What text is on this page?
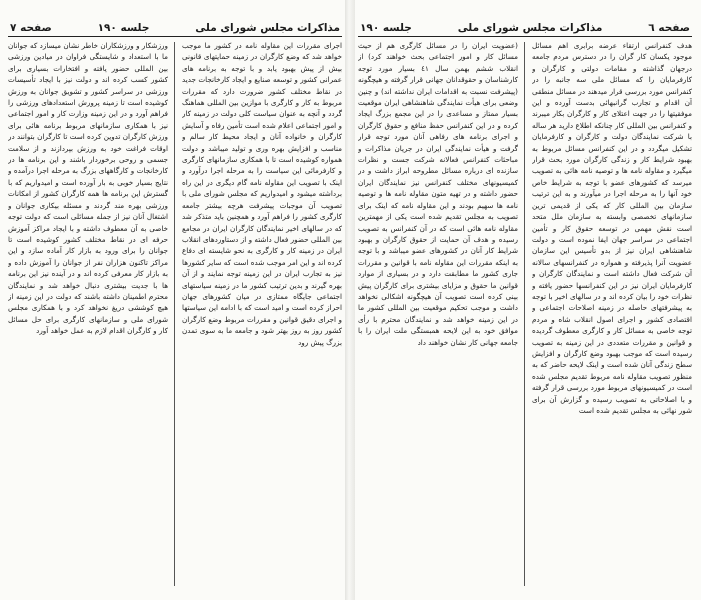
مذاکرات مجلس شورای ملی
جلسه ۱۹۰
صفحه ۷
اجرای مقررات این مقاوله نامه در کشور ما موجب خواهد شد که وضع کارگران در زمینه حمایتهای قانونی بیش از پیش بهبود یابد و با توجه به برنامه های عمرانی کشور و توسعه صنایع و ایجاد کارخانجات جدید در نقاط مختلف کشور ضرورت دارد که مقررات مربوط به کار و کارگری با موازین بین المللی هماهنگ گردد و آنچه به عنوان سیاست کلی دولت در زمینه کار و امور اجتماعی اعلام شده است تأمین رفاه و آسایش کارگران و خانواده آنان و ایجاد محیط کار سالم و مناسب و افزایش بهره وری و تولید میباشد و دولت همواره کوشیده است تا با همکاری سازمانهای کارگری و کارفرمائی این سیاست را به مرحله اجرا درآورد و اینک با تصویب این مقاوله نامه گام دیگری در این راه برداشته میشود و امیدواریم که مجلس شورای ملی با تصویب آن موجبات پیشرفت هرچه بیشتر جامعه کارگری کشور را فراهم آورد و همچنین باید متذکر شد که در سالهای اخیر نمایندگان کارگران ایران در مجامع بین المللی حضور فعال داشته و از دستاوردهای انقلاب ایران در زمینه کار و کارگری به نحو شایسته ای دفاع کرده اند و این امر موجب شده است که سایر کشورها نیز به تجارب ایران در این زمینه توجه نمایند و از آن بهره گیرند و بدین ترتیب کشور ما در زمینه سیاستهای اجتماعی جایگاه ممتازی در میان کشورهای جهان احراز کرده است و امید است که با ادامه این سیاستها و اجرای دقیق قوانین و مقررات مربوط وضع کارگران کشور روز به روز بهتر شود و جامعه ما به سوی تمدن بزرگ پیش رود
ورزشکار و ورزشکاران خاطر نشان میسازد که جوانان ما با استعداد و شایستگی فراوان در میادین ورزشی بین المللی حضور یافته و افتخارات بسیاری برای کشور کسب کرده اند و دولت نیز با ایجاد تأسیسات ورزشی در سراسر کشور و تشویق جوانان به ورزش کوشیده است تا زمینه پرورش استعدادهای ورزشی را فراهم آورد و در این زمینه وزارت کار و امور اجتماعی نیز با همکاری سازمانهای مربوط برنامه هائی برای ورزش کارگران تدوین کرده است تا کارگران بتوانند در اوقات فراغت خود به ورزش بپردازند و از سلامت جسمی و روحی برخوردار باشند و این برنامه ها در کارخانجات و کارگاههای بزرگ به مرحله اجرا درآمده و نتایج بسیار خوبی به بار آورده است و امیدواریم که با گسترش این برنامه ها همه کارگران کشور از امکانات ورزشی بهره مند گردند و مسئله بیکاری جوانان و اشتغال آنان نیز از جمله مسائلی است که دولت توجه خاصی به آن معطوف داشته و با ایجاد مراکز آموزش حرفه ای در نقاط مختلف کشور کوشیده است تا جوانان را برای ورود به بازار کار آماده سازد و این مراکز تاکنون هزاران نفر از جوانان را آموزش داده و به بازار کار معرفی کرده اند و در آینده نیز این برنامه ها با جدیت بیشتری دنبال خواهد شد و نمایندگان محترم اطمینان داشته باشند که دولت در این زمینه از هیچ کوششی دریغ نخواهد کرد و با همکاری مجلس شورای ملی و سازمانهای کارگری برای حل مسائل کار و کارگران اقدام لازم به عمل خواهد آورد
صفحه ٦
مذاکرات مجلس شورای ملی
جلسه ۱۹۰
هدف کنفرانس ارتقاء عرضه برابری اهم مسائل موجود یکسان کار گران را در دسترس مردم جامعه درجهان گذاشته و مقامات دولتی و کارگران و کارفرمایان را که مسائل ملی سه جانبه را در کنفرانس مورد بررسی قرار میدهند در مسائل منطقی آن اقدام و تجارب گرانبهائی بدست آورده و این موفقیتها را در جهت اعتلای کار و کارگران بکار میبرند و کنفرانس بین المللی کار چنانکه اطلاع دارید هر ساله با شرکت نمایندگان دولت و کارگران و کارفرمایان تشکیل میگردد و در این کنفرانس مسائل مربوط به بهبود شرایط کار و زندگی کارگران مورد بحث قرار میگیرد و مقاوله نامه ها و توصیه نامه هائی به تصویب میرسد که کشورهای عضو با توجه به شرایط خاص خود آنها را به مرحله اجرا در میآورند و به این ترتیب سازمان بین المللی کار که یکی از قدیمی ترین سازمانهای تخصصی وابسته به سازمان ملل متحد است نقش مهمی در توسعه حقوق کار و تأمین اجتماعی در سراسر جهان ایفا نموده است و دولت شاهنشاهی ایران نیز از بدو تأسیس این سازمان عضویت آنرا پذیرفته و همواره در کنفرانسهای سالانه آن شرکت فعال داشته است و نمایندگان کارگران و کارفرمایان ایران نیز در این کنفرانسها حضور یافته و نظرات خود را بیان کرده اند و در سالهای اخیر با توجه به پیشرفتهای حاصله در زمینه اصلاحات اجتماعی و اقتصادی کشور و اجرای اصول انقلاب شاه و مردم توجه خاصی به مسائل کار و کارگری معطوف گردیده و قوانین و مقررات متعددی در این زمینه به تصویب رسیده است که موجب بهبود وضع کارگران و افزایش سطح زندگی آنان شده است و اینک لایحه حاضر که به منظور تصویب مقاوله نامه مربوط تقدیم مجلس شده است در کمیسیونهای مربوط مورد بررسی قرار گرفته و با اصلاحاتی به تصویب رسیده و گزارش آن برای شور نهائی به مجلس تقدیم شده است
(عضویت ایران را در مسائل کارگری هم از حیث مسائل کار و امور اجتماعی بحث خواهند کرد) از انقلاب ششم بهمن سال ٤١ بسیار مورد توجه کارشناسان و حقوقدانان جهانی قرار گرفته و هیچگونه (پیشرفت نسبت به اقدامات ایران نداشته اند) و چنین وضعی برای هیأت نمایندگی شاهنشاهی ایران موقعیت بسیار ممتاز و مساعدی را در این مجمع بزرگ ایجاد کرده و در این کنفرانس حفظ منافع و حقوق کارگران و اجرای برنامه های رفاهی آنان مورد توجه قرار گرفت و هیأت نمایندگی ایران در جریان مذاکرات و مباحثات کنفرانس فعالانه شرکت جست و نظرات سازنده ای درباره مسائل مطروحه ابراز داشت و در کمیسیونهای مختلف کنفرانس نیز نمایندگان ایران حضور داشته و در تهیه متون مقاوله نامه ها و توصیه نامه ها سهیم بودند و این مقاوله نامه که اینک برای تصویب به مجلس تقدیم شده است یکی از مهمترین مقاوله نامه هائی است که در آن کنفرانس به تصویب رسیده و هدف آن حمایت از حقوق کارگران و بهبود شرایط کار آنان در کشورهای عضو میباشد و با توجه به اینکه مقررات این مقاوله نامه با قوانین و مقررات جاری کشور ما مطابقت دارد و در بسیاری از موارد قوانین ما حقوق و مزایای بیشتری برای کارگران پیش بینی کرده است تصویب آن هیچگونه اشکالی نخواهد داشت و موجب تحکیم موقعیت بین المللی کشور ما در این زمینه خواهد شد و نمایندگان محترم با رأی موافق خود به این لایحه همبستگی ملت ایران را با جامعه جهانی کار نشان خواهند داد
